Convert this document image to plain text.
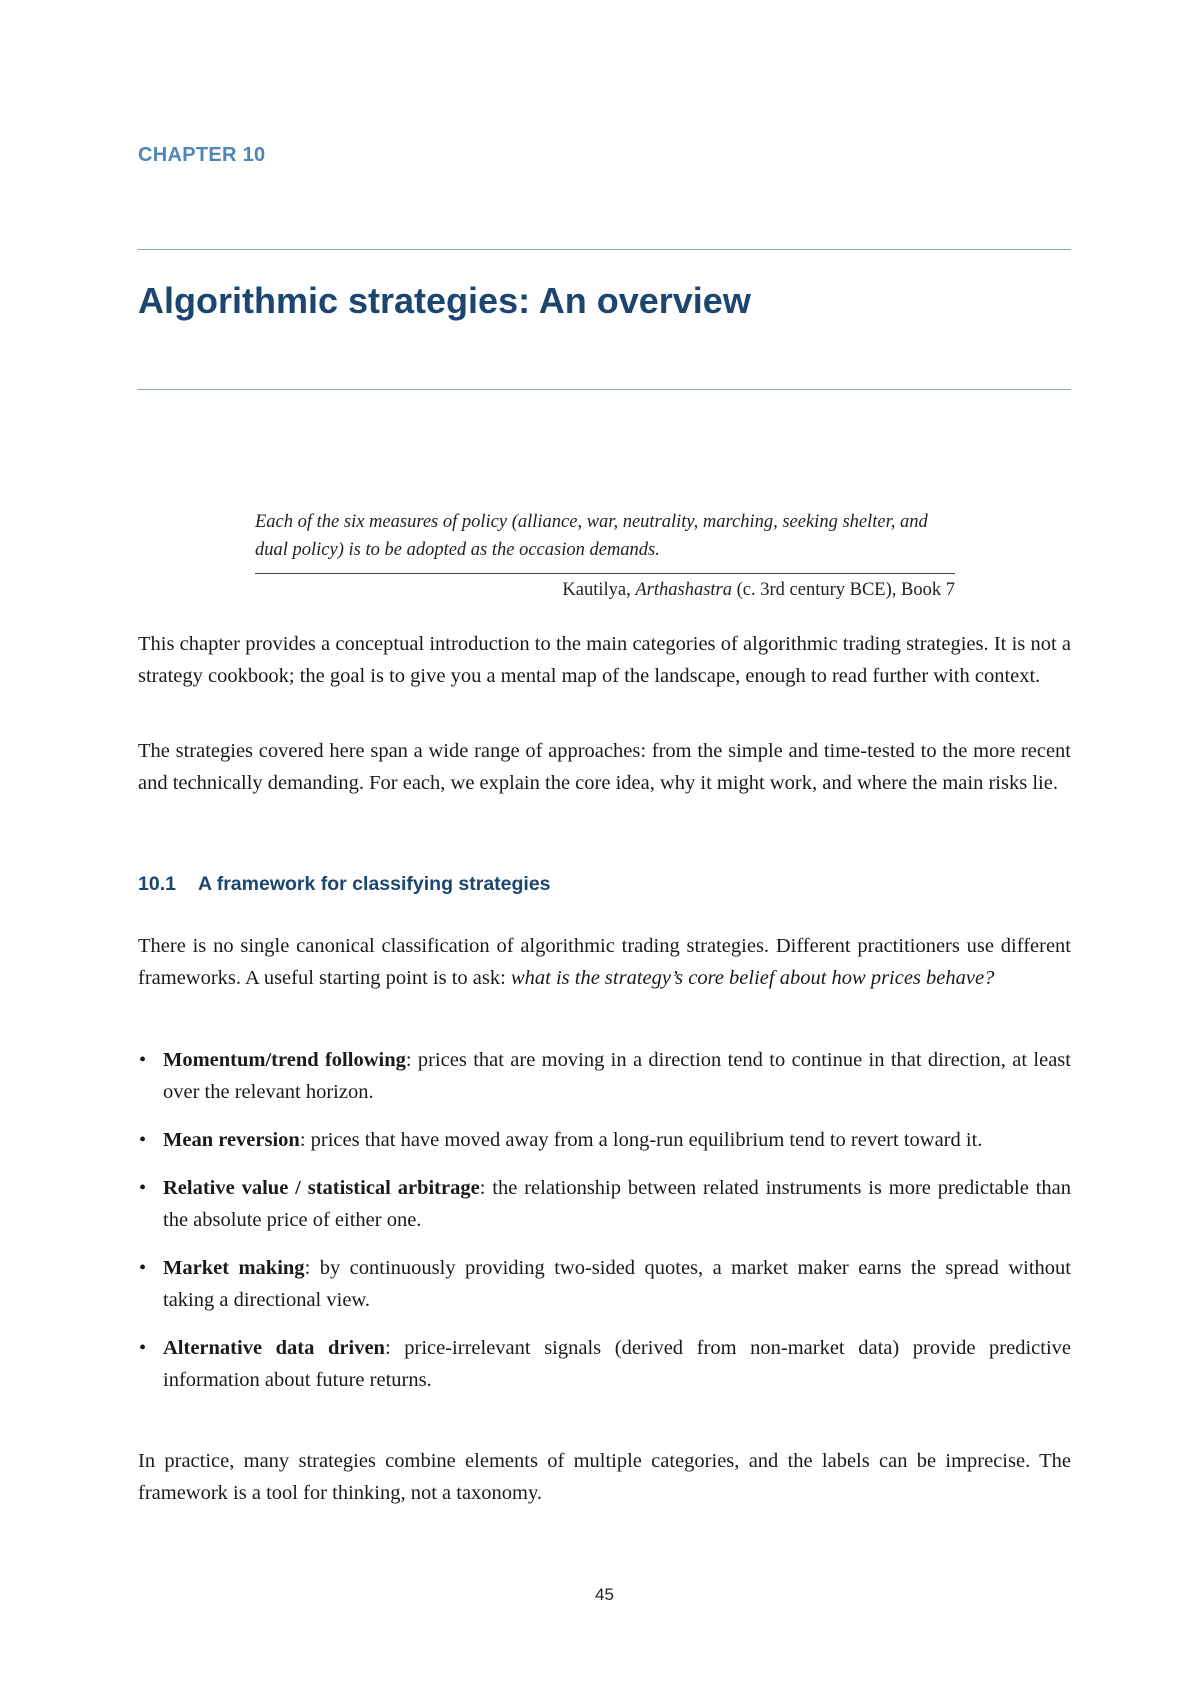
CHAPTER 10
Algorithmic strategies: An overview

Each of the six measures of policy (alliance, war, neutrality, marching, seeking shelter, and dual policy) is to be adopted as the occasion demands.

Kautilya, Arthashastra (c. 3rd century BCE), Book 7

This chapter provides a conceptual introduction to the main categories of algorithmic trading strategies. It is not a strategy cookbook; the goal is to give you a mental map of the landscape, enough to read further with context.

The strategies covered here span a wide range of approaches: from the simple and time-tested to the more recent and technically demanding. For each, we explain the core idea, why it might work, and where the main risks lie.

10.1 A framework for classifying strategies

There is no single canonical classification of algorithmic trading strategies. Different practitioners use different frameworks. A useful starting point is to ask: what is the strategy’s core belief about how prices behave?

• Momentum/trend following: prices that are moving in a direction tend to continue in that direction, at least over the relevant horizon.
• Mean reversion: prices that have moved away from a long-run equilibrium tend to revert toward it.
• Relative value / statistical arbitrage: the relationship between related instruments is more predictable than the absolute price of either one.
• Market making: by continuously providing two-sided quotes, a market maker earns the spread without taking a directional view.
• Alternative data driven: price-irrelevant signals (derived from non-market data) provide predictive information about future returns.

In practice, many strategies combine elements of multiple categories, and the labels can be imprecise. The framework is a tool for thinking, not a taxonomy.

45
